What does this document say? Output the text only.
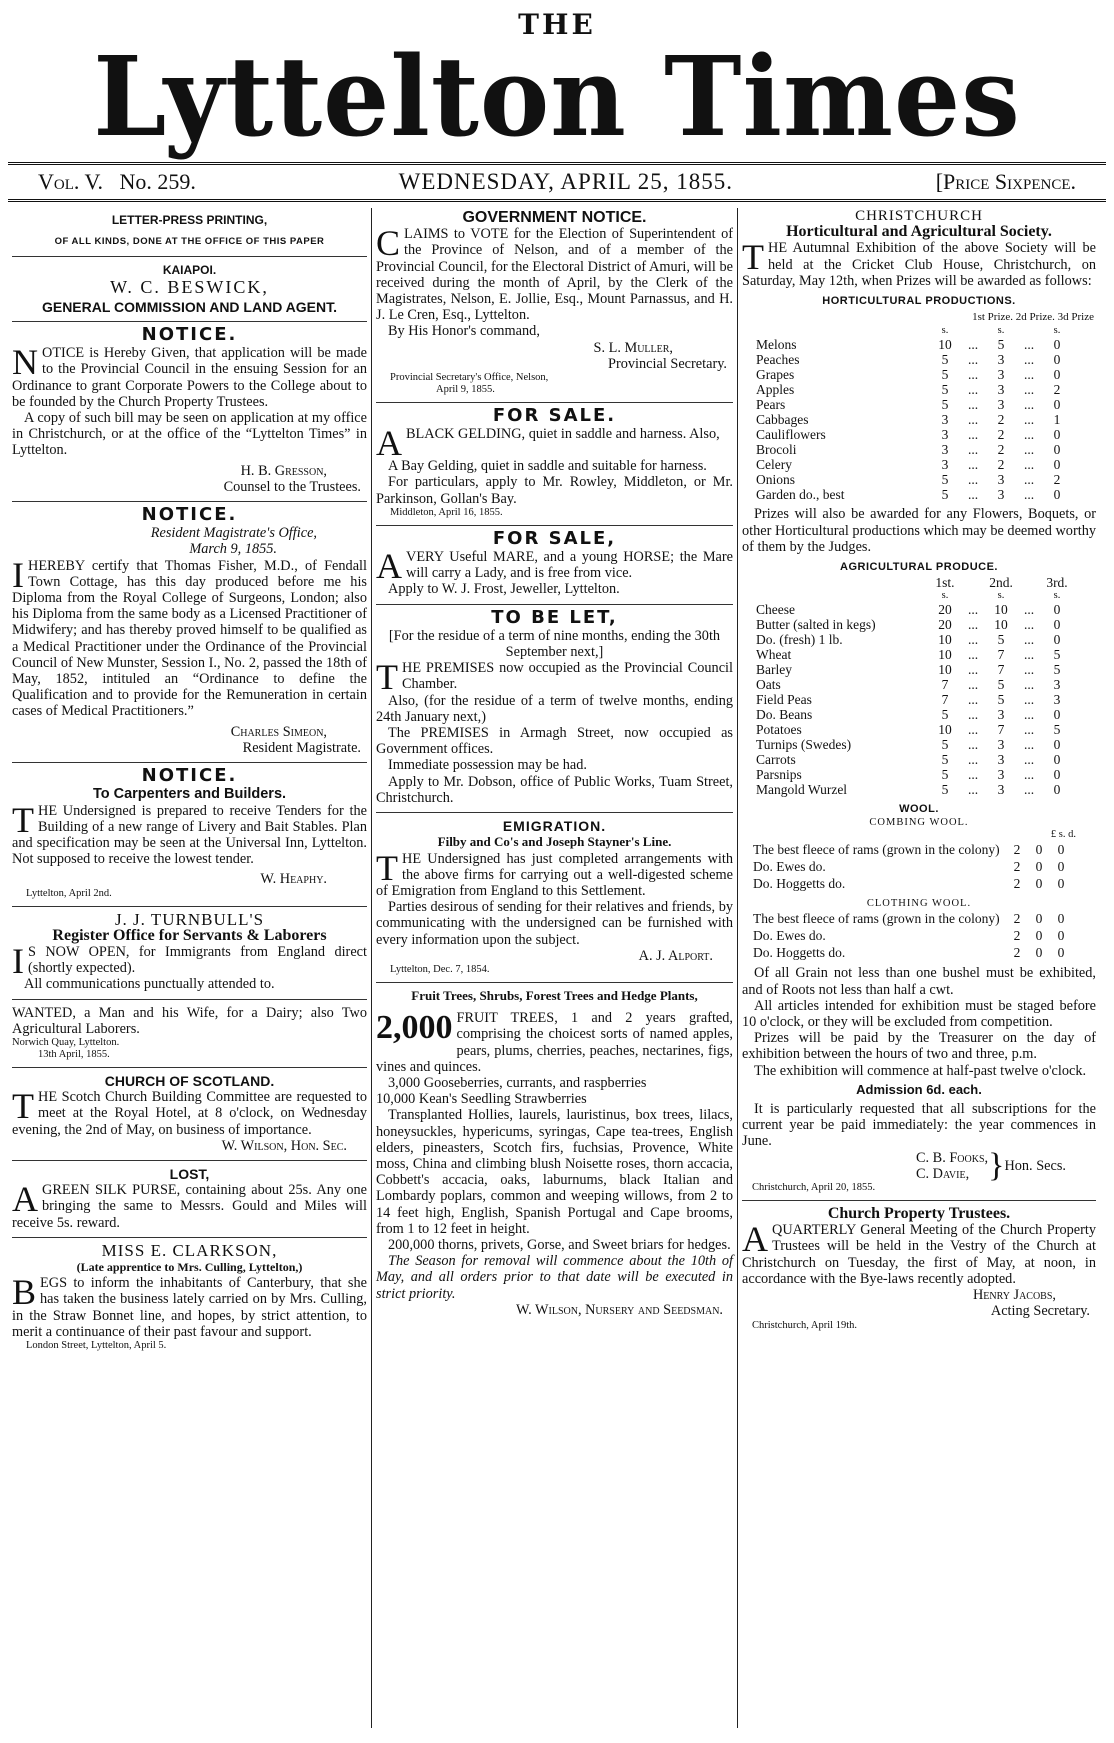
THE
Lyttelton Times
Vol. V. No. 259.	WEDNESDAY, APRIL 25, 1855.	[Price Sixpence.
LETTER-PRESS PRINTING,
OF ALL KINDS, DONE AT THE OFFICE OF THIS PAPER
KAIAPOI.
W. C. BESWICK,
GENERAL COMMISSION AND LAND AGENT.
NOTICE.

NOTICE is Hereby Given, that application will be made to the Provincial Council in the ensuing Session for an Ordinance to grant Corporate Powers to the College about to be founded by the Church Property Trustees.

A copy of such bill may be seen on application at my office in Christchurch, or at the office of the “Lyttelton Times” in Lyttelton.

H. B. Gresson,

Counsel to the Trustees.

NOTICE.

Resident Magistrate's Office,

March 9, 1855.

IHEREBY certify that Thomas Fisher, M.D., of Fendall Town Cottage, has this day produced before me his Diploma from the Royal College of Surgeons, London; also his Diploma from the same body as a Licensed Practitioner of Midwifery; and has thereby proved himself to be qualified as a Medical Practitioner under the Ordinance of the Provincial Council of New Munster, Session I., No. 2, passed the 18th of May, 1852, intituled an “Ordinance to define the Qualification and to provide for the Remuneration in certain cases of Medical Practitioners.”

Charles Simeon,

Resident Magistrate.

NOTICE.
To Carpenters and Builders.

THE Undersigned is prepared to receive Tenders for the Building of a new range of Livery and Bait Stables. Plan and specification may be seen at the Universal Inn, Lyttelton. Not supposed to receive the lowest tender.

W. Heaphy.

Lyttelton, April 2nd.

J. J. TURNBULL'S
Register Office for Servants & Laborers

I S NOW OPEN, for Immigrants from England direct (shortly expected).

All communications punctually attended to.

WANTED, a Man and his Wife, for a Dairy; also Two Agricultural Laborers.

Norwich Quay, Lyttelton.

13th April, 1855.

CHURCH OF SCOTLAND.

THE Scotch Church Building Committee are requested to meet at the Royal Hotel, at 8 o'clock, on Wednesday evening, the 2nd of May, on business of importance.

W. Wilson, Hon. Sec.

LOST,

AGREEN SILK PURSE, containing about 25s. Any one bringing the same to Messrs. Gould and Miles will receive 5s. reward.

MISS E. CLARKSON,
(Late apprentice to Mrs. Culling, Lyttelton,)

BEGS to inform the inhabitants of Canterbury, that she has taken the business lately carried on by Mrs. Culling, in the Straw Bonnet line, and hopes, by strict attention, to merit a continuance of their past favour and support.

London Street, Lyttelton, April 5.

GOVERNMENT NOTICE.

CLAIMS to VOTE for the Election of Superintendent of the Province of Nelson, and of a member of the Provincial Council, for the Electoral District of Amuri, will be received during the month of April, by the Clerk of the Magistrates, Nelson, E. Jollie, Esq., Mount Parnassus, and H. J. Le Cren, Esq., Lyttelton.

By His Honor's command,

S. L. Muller,

Provincial Secretary.

Provincial Secretary's Office, Nelson,

April 9, 1855.

FOR SALE.

ABLACK GELDING, quiet in saddle and harness. Also,

A Bay Gelding, quiet in saddle and suitable for harness.

For particulars, apply to Mr. Rowley, Middleton, or Mr. Parkinson, Gollan's Bay.

Middleton, April 16, 1855.

FOR SALE,

AVERY Useful MARE, and a young HORSE; the Mare will carry a Lady, and is free from vice.

Apply to W. J. Frost, Jeweller, Lyttelton.

TO BE LET,

[For the residue of a term of nine months, ending the 30th September next,]

THE PREMISES now occupied as the Provincial Council Chamber.

Also, (for the residue of a term of twelve months, ending 24th January next,)

The PREMISES in Armagh Street, now occupied as Government offices.

Immediate possession may be had.

Apply to Mr. Dobson, office of Public Works, Tuam Street, Christchurch.

EMIGRATION.
Filby and Co's and Joseph Stayner's Line.

THE Undersigned has just completed arrangements with the above firms for carrying out a well-digested scheme of Emigration from England to this Settlement.

Parties desirous of sending for their relatives and friends, by communicating with the undersigned can be furnished with every information upon the subject.

A. J. Alport.

Lyttelton, Dec. 7, 1854.

Fruit Trees, Shrubs, Forest Trees and Hedge Plants,

2,000 FRUIT TREES, 1 and 2 years grafted, comprising the choicest sorts of named apples, pears, plums, cherries, peaches, nectarines, figs, vines and quinces.

3,000 Gooseberries, currants, and raspberries

10,000 Kean's Seedling Strawberries

Transplanted Hollies, laurels, lauristinus, box trees, lilacs, honeysuckles, hypericums, syringas, Cape tea-trees, English elders, pineasters, Scotch firs, fuchsias, Provence, White moss, China and climbing blush Noisette roses, thorn accacia, Cobbett's accacia, oaks, laburnums, black Italian and Lombardy poplars, common and weeping willows, from 2 to 14 feet high, English, Spanish Portugal and Cape brooms, from 1 to 12 feet in height.

200,000 thorns, privets, Gorse, and Sweet briars for hedges.

The Season for removal will commence about the 10th of May, and all orders prior to that date will be executed in strict priority.

W. Wilson, Nursery and Seedsman.

CHRISTCHURCH
Horticultural and Agricultural Society.

THE Autumnal Exhibition of the above Society will be held at the Cricket Club House, Christchurch, on Saturday, May 12th, when Prizes will be awarded as follows:

HORTICULTURAL PRODUCTIONS.
1st Prize. 2d Prize. 3d Prize
	s.		s.		s.
Melons	10	...	5	...	0
Peaches	5	...	3	...	0
Grapes	5	...	3	...	0
Apples	5	...	3	...	2
Pears	5	...	3	...	0
Cabbages	3	...	2	...	1
Cauliflowers	3	...	2	...	0
Brocoli	3	...	2	...	0
Celery	3	...	2	...	0
Onions	5	...	3	...	2
Garden do., best	5	...	3	...	0

Prizes will also be awarded for any Flowers, Boquets, or other Horticultural productions which may be deemed worthy of them by the Judges.

AGRICULTURAL PRODUCE.
	1st.		2nd.		3rd.
	s.		s.		s.
Cheese	20	...	10	...	0
Butter (salted in kegs)	20	...	10	...	0
Do. (fresh) 1 lb.	10	...	5	...	0
Wheat	10	...	7	...	5
Barley	10	...	7	...	5
Oats	7	...	5	...	3
Field Peas	7	...	5	...	3
Do. Beans	5	...	3	...	0
Potatoes	10	...	7	...	5
Turnips (Swedes)	5	...	3	...	0
Carrots	5	...	3	...	0
Parsnips	5	...	3	...	0
Mangold Wurzel	5	...	3	...	0
WOOL.
COMBING WOOL.
£ s. d.
The best fleece of rams (grown in the colony)	2	0	0
Do. Ewes do.	2	0	0
Do. Hoggetts do.	2	0	0
CLOTHING WOOL.
The best fleece of rams (grown in the colony)	2	0	0
Do. Ewes do.	2	0	0
Do. Hoggetts do.	2	0	0

Of all Grain not less than one bushel must be exhibited, and of Roots not less than half a cwt.

All articles intended for exhibition must be staged before 10 o'clock, or they will be excluded from competition.

Prizes will be paid by the Treasurer on the day of exhibition between the hours of two and three, p.m.

The exhibition will commence at half-past twelve o'clock.

Admission 6d. each.

It is particularly requested that all subscriptions for the current year be paid immediately: the year commences in June.

C. B. Fooks,
C. Davie, } Hon. Secs.

Christchurch, April 20, 1855.

Church Property Trustees.

AQUARTERLY General Meeting of the Church Property Trustees will be held in the Vestry of the Church at Christchurch on Tuesday, the first of May, at noon, in accordance with the Bye-laws recently adopted.

Henry Jacobs,

Acting Secretary.

Christchurch, April 19th.
